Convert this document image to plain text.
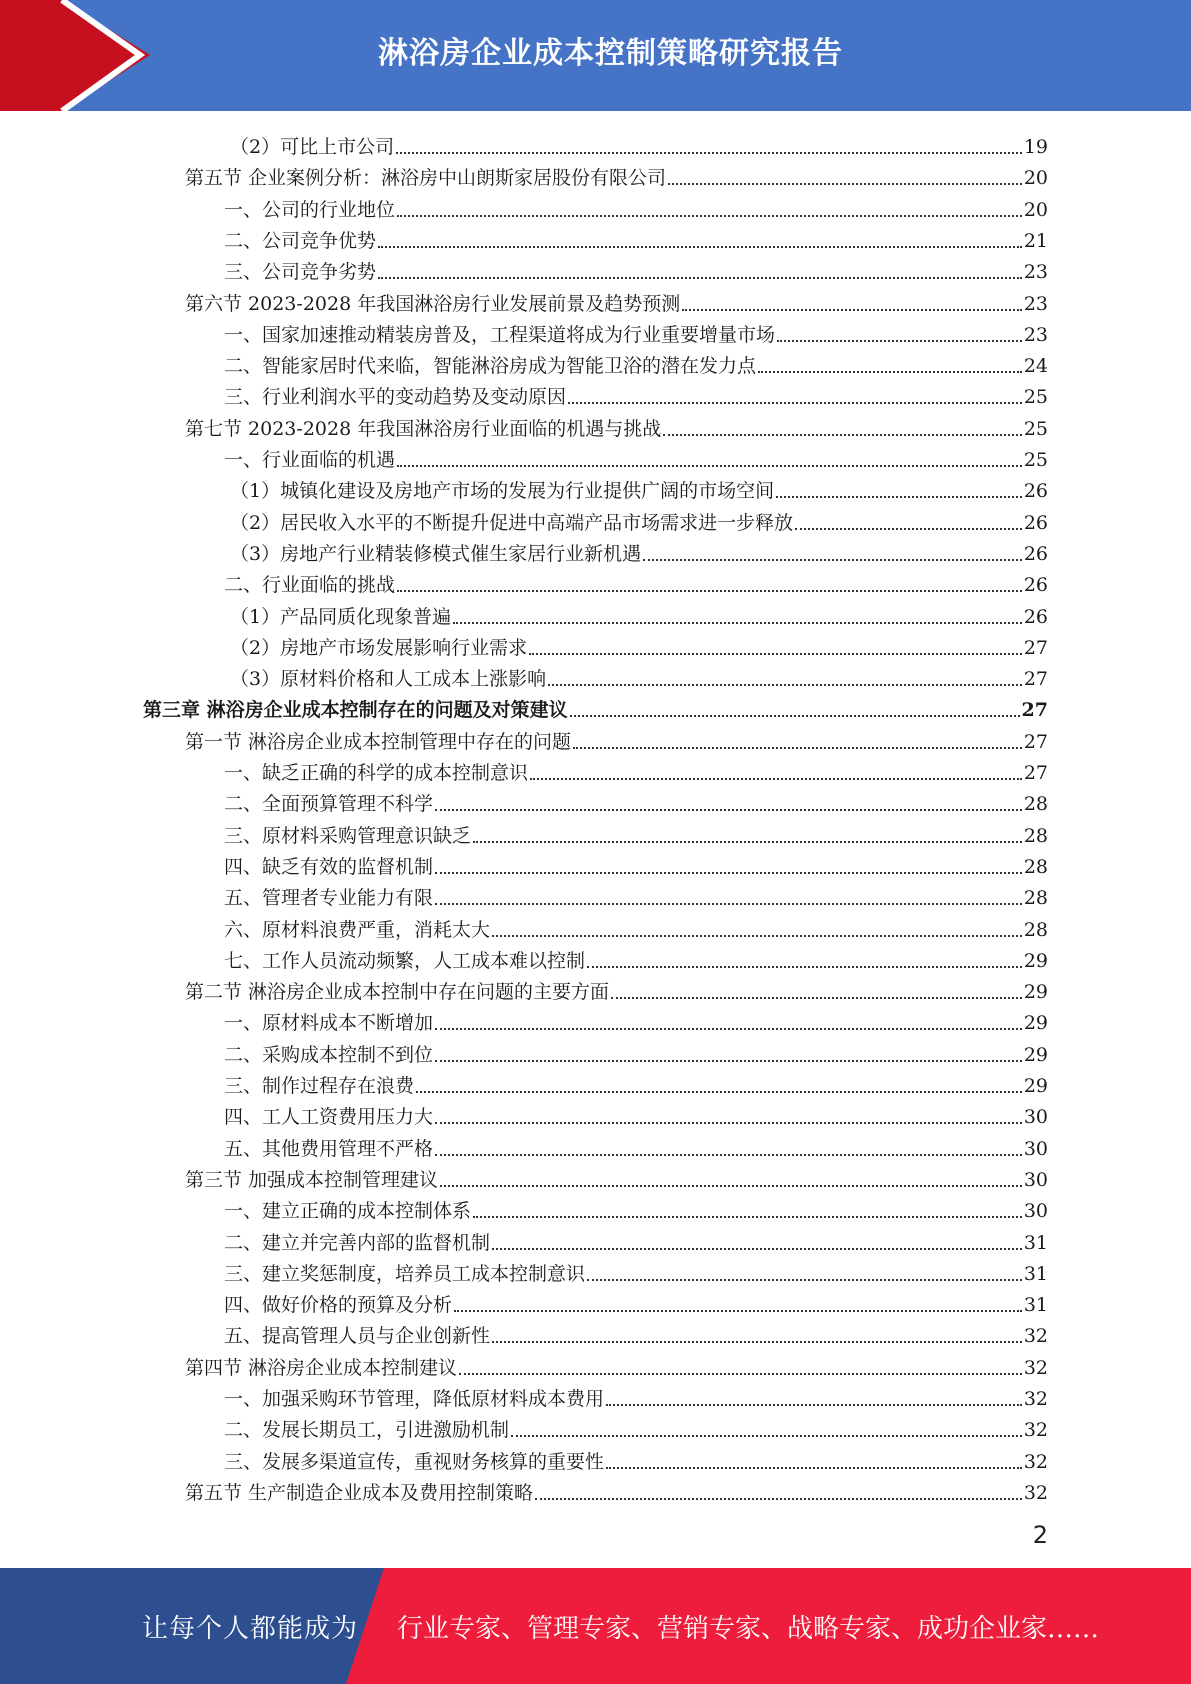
淋浴房企业成本控制策略研究报告
（2）可比上市公司	19
第五节 企业案例分析：淋浴房中山朗斯家居股份有限公司	20
一、公司的行业地位	20
二、公司竞争优势	21
三、公司竞争劣势	23
第六节 2023-2028 年我国淋浴房行业发展前景及趋势预测	23
一、国家加速推动精装房普及，工程渠道将成为行业重要增量市场	23
二、智能家居时代来临，智能淋浴房成为智能卫浴的潜在发力点	24
三、行业利润水平的变动趋势及变动原因	25
第七节 2023-2028 年我国淋浴房行业面临的机遇与挑战	25
一、行业面临的机遇	25
（1）城镇化建设及房地产市场的发展为行业提供广阔的市场空间	26
（2）居民收入水平的不断提升促进中高端产品市场需求进一步释放	26
（3）房地产行业精装修模式催生家居行业新机遇	26
二、行业面临的挑战	26
（1）产品同质化现象普遍	26
（2）房地产市场发展影响行业需求	27
（3）原材料价格和人工成本上涨影响	27
第三章 淋浴房企业成本控制存在的问题及对策建议	27
第一节 淋浴房企业成本控制管理中存在的问题	27
一、缺乏正确的科学的成本控制意识	27
二、全面预算管理不科学	28
三、原材料采购管理意识缺乏	28
四、缺乏有效的监督机制	28
五、管理者专业能力有限	28
六、原材料浪费严重，消耗太大	28
七、工作人员流动频繁，人工成本难以控制	29
第二节 淋浴房企业成本控制中存在问题的主要方面	29
一、原材料成本不断增加	29
二、采购成本控制不到位	29
三、制作过程存在浪费	29
四、工人工资费用压力大	30
五、其他费用管理不严格	30
第三节 加强成本控制管理建议	30
一、建立正确的成本控制体系	30
二、建立并完善内部的监督机制	31
三、建立奖惩制度，培养员工成本控制意识	31
四、做好价格的预算及分析	31
五、提高管理人员与企业创新性	32
第四节 淋浴房企业成本控制建议	32
一、加强采购环节管理，降低原材料成本费用	32
二、发展长期员工，引进激励机制	32
三、发展多渠道宣传，重视财务核算的重要性	32
第五节 生产制造企业成本及费用控制策略	32
2
让每个人都能成为 行业专家、管理专家、营销专家、战略专家、成功企业家……
